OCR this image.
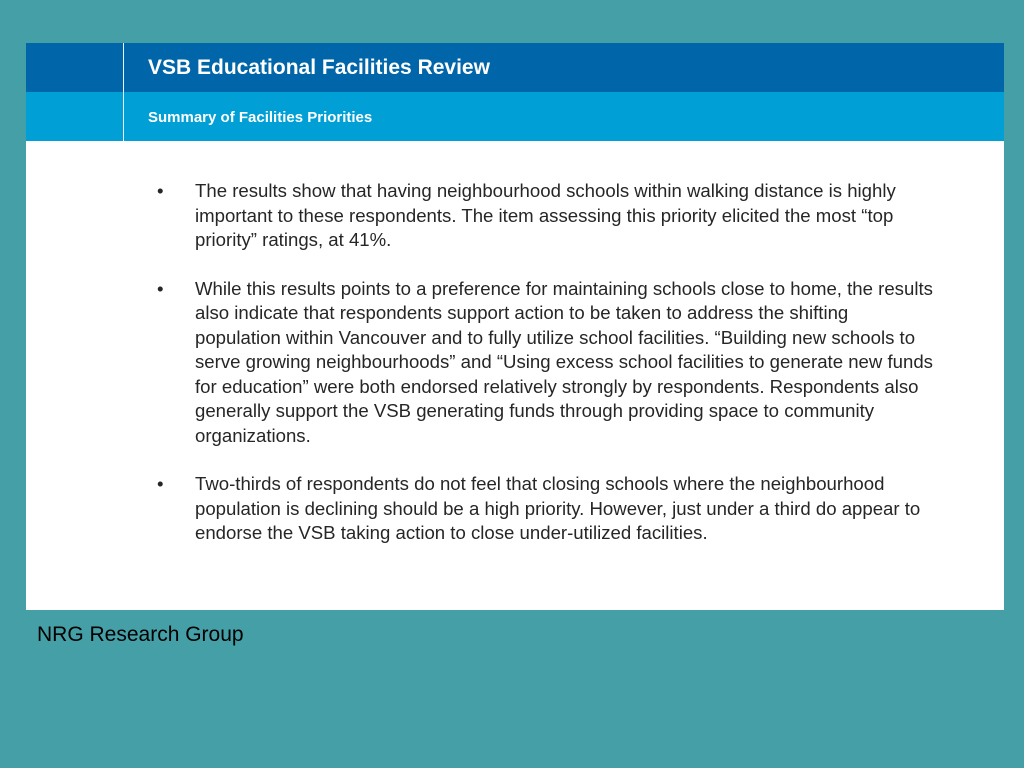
VSB Educational Facilities Review
Summary of Facilities Priorities
• The results show that having neighbourhood schools within walking distance is highly important to these respondents. The item assessing this priority elicited the most “top priority” ratings, at 41%.
• While this results points to a preference for maintaining schools close to home, the results also indicate that respondents support action to be taken to address the shifting population within Vancouver and to fully utilize school facilities. “Building new schools to serve growing neighbourhoods” and “Using excess school facilities to generate new funds for education” were both endorsed relatively strongly by respondents. Respondents also generally support the VSB generating funds through providing space to community organizations.
• Two-thirds of respondents do not feel that closing schools where the neighbourhood population is declining should be a high priority. However, just under a third do appear to endorse the VSB taking action to close under-utilized facilities.

NRG Research Group
